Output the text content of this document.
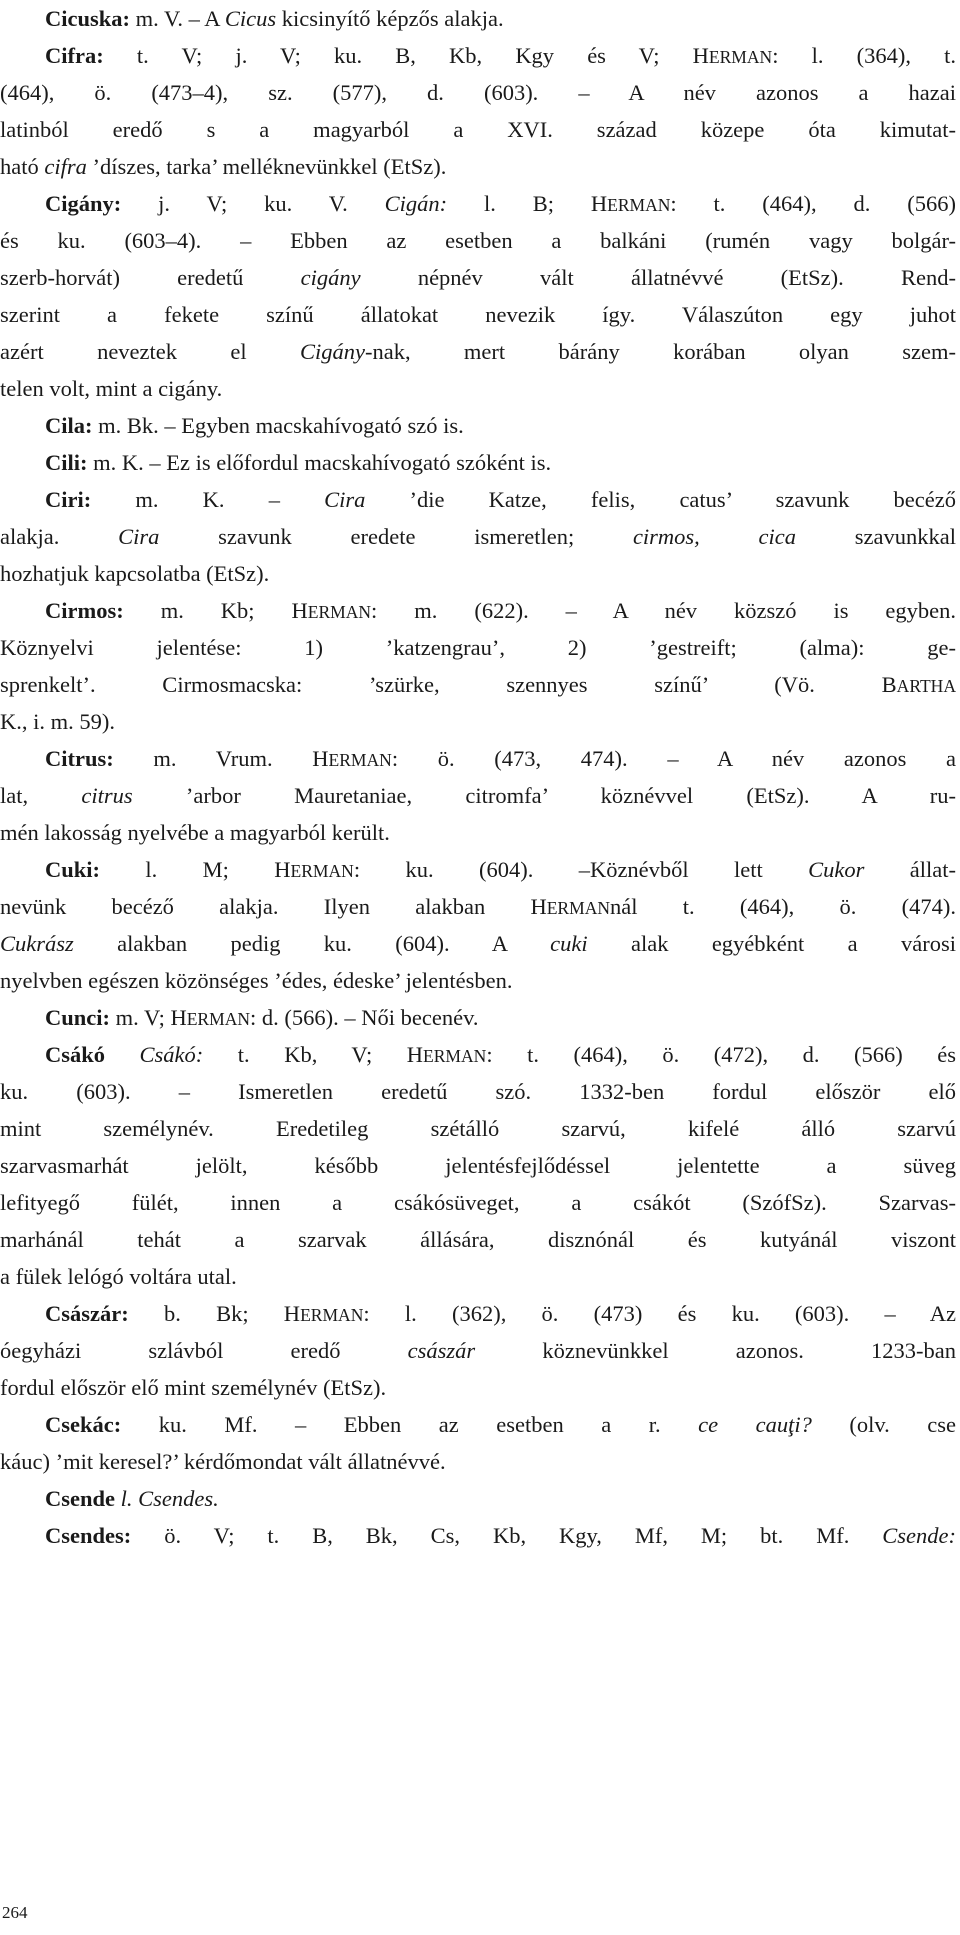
Cicuska: m. V. – A Cicus kicsinyítő képzős alakja.
Cifra: t. V; j. V; ku. B, Kb, Kgy és V; HERMAN: l. (364), t.
(464), ö. (473–4), sz. (577), d. (603). – A név azonos a hazai
latinból eredő s a magyarból a XVI. század közepe óta kimutat-
ható cifra ’díszes, tarka’ melléknevünkkel (EtSz).
Cigány: j. V; ku. V. Cigán: l. B; HERMAN: t. (464), d. (566)
és ku. (603–4). – Ebben az esetben a balkáni (rumén vagy bolgár-
szerb-horvát) eredetű cigány népnév vált állatnévvé (EtSz). Rend-
szerint a fekete színű állatokat nevezik így. Válaszúton egy juhot
azért neveztek el Cigány-nak, mert bárány korában olyan szem-
telen volt, mint a cigány.
Cila: m. Bk. – Egyben macskahívogató szó is.
Cili: m. K. – Ez is előfordul macskahívogató szóként is.
Ciri: m. K. – Cira ’die Katze, felis, catus’ szavunk becéző
alakja. Cira szavunk eredete ismeretlen; cirmos, cica szavunkkal
hozhatjuk kapcsolatba (EtSz).
Cirmos: m. Kb; HERMAN: m. (622). – A név közszó is egyben.
Köznyelvi jelentése: 1) ’katzengrau’, 2) ’gestreift; (alma): ge-
sprenkelt’. Cirmosmacska: ’szürke, szennyes színű’ (Vö. BARTHA
K., i. m. 59).
Citrus: m. Vrum. HERMAN: ö. (473, 474). – A név azonos a
lat, citrus ’arbor Mauretaniae, citromfa’ köznévvel (EtSz). A ru-
mén lakosság nyelvébe a magyarból került.
Cuki: l. M; HERMAN: ku. (604). –Köznévből lett Cukor állat-
nevünk becéző alakja. Ilyen alakban HERMANnál t. (464), ö. (474).
Cukrász alakban pedig ku. (604). A cuki alak egyébként a városi
nyelvben egészen közönséges ’édes, édeske’ jelentésben.
Cunci: m. V; HERMAN: d. (566). – Női becenév.
Csákó Csákó: t. Kb, V; HERMAN: t. (464), ö. (472), d. (566) és
ku. (603). – Ismeretlen eredetű szó. 1332-ben fordul először elő
mint személynév. Eredetileg szétálló szarvú, kifelé álló szarvú
szarvasmarhát jelölt, később jelentésfejlődéssel jelentette a süveg
lefityegő fülét, innen a csákósüveget, a csákót (SzófSz). Szarvas-
marhánál tehát a szarvak állására, disznónál és kutyánál viszont
a fülek lelógó voltára utal.
Császár: b. Bk; HERMAN: l. (362), ö. (473) és ku. (603). – Az
óegyházi szlávból eredő császár köznevünkkel azonos. 1233-ban
fordul először elő mint személynév (EtSz).
Csekác: ku. Mf. – Ebben az esetben a r. ce cauţi? (olv. cse
káuc) ’mit keresel?’ kérdőmondat vált állatnévvé.
Csende l. Csendes.
Csendes: ö. V; t. B, Bk, Cs, Kb, Kgy, Mf, M; bt. Mf. Csende:
264
